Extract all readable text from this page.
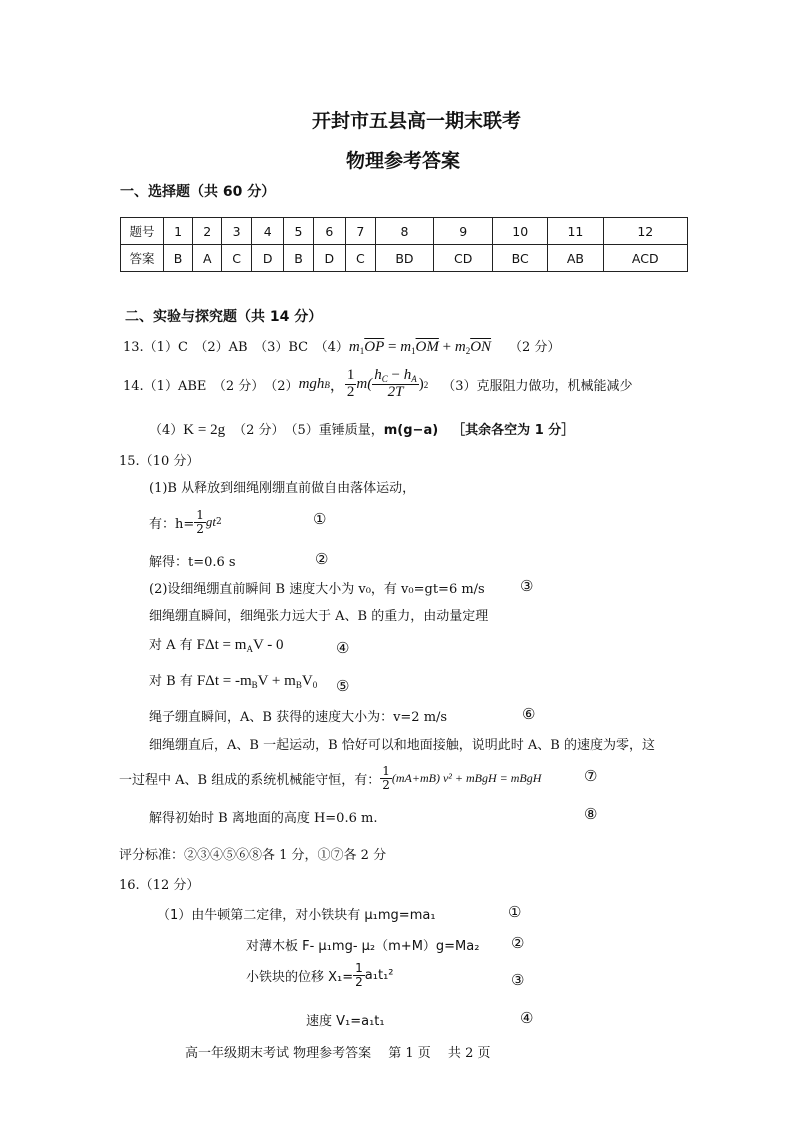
开封市五县高一期末联考
物理参考答案
一、选择题（共 60 分）
题号	1	2	3	4	5	6	7	8	9	10	11	12
答案	B	A	C	D	B	D	C	BD	CD	BC	AB	ACD
二、实验与探究题（共 14 分）
13.（1）C　（2）AB　（3）BC　$(4)m_1\overline{OP} = m_1\overline{OM} + m_2\overline{ON}$ （2 分）
14.（1）ABE　（2 分）　（2） mgh B ， $\frac{1}{2} m( \frac{h_C - h_A}{2T}$ ) 2 （3）克服阻力做功，机械能减少
（4）K = 2g （2 分）　（5）重锤质量，m(g−a) ［其余各空为 1 分］
15.（10 分）
(1)B 从释放到细绳刚绷直前做自由落体运动，
有：$h= \frac{1}{2}$ gt 2	①
解得：t=0.6 s	②
(2)设细绳绷直前瞬间 B 速度大小为 v₀，有 v₀=gt=6 m/s ③
细绳绷直瞬间，细绳张力远大于 A、B 的重力，由动量定理
对 A 有 $F\Delta t = m_AV - 0$	④
对 B 有 $F\Delta t = -m_BV + m_BV_0$ ⑤
绳子绷直瞬间，A、B 获得的速度大小为：v=2 m/s	⑥
细绳绷直后，A、B 一起运动，B 恰好可以和地面接触，说明此时 A、B 的速度为零，这
一过程中 A、B 组成的系统机械能守恒，有： $\frac{1}{2} (mA+mB) v^2$ + mBgH = mBgH	⑦
解得初始时 B 离地面的高度 H=0.6 m.	⑧
评分标准：②③④⑤⑥⑧各 1 分，①⑦各 2 分
16.（12 分）
（1）由牛顿第二定律，对小铁块有 μ₁mg=ma₁	①
对薄木板 F- μ₁mg- μ₂（m+M）g=Ma₂ ②
小铁块的位移 $X_1= \frac{1}{2} a_1t_1^2$	③
速度 V₁=a₁t₁	④
高一年级期末考试 物理参考答案　 第 1 页　 共 2 页
